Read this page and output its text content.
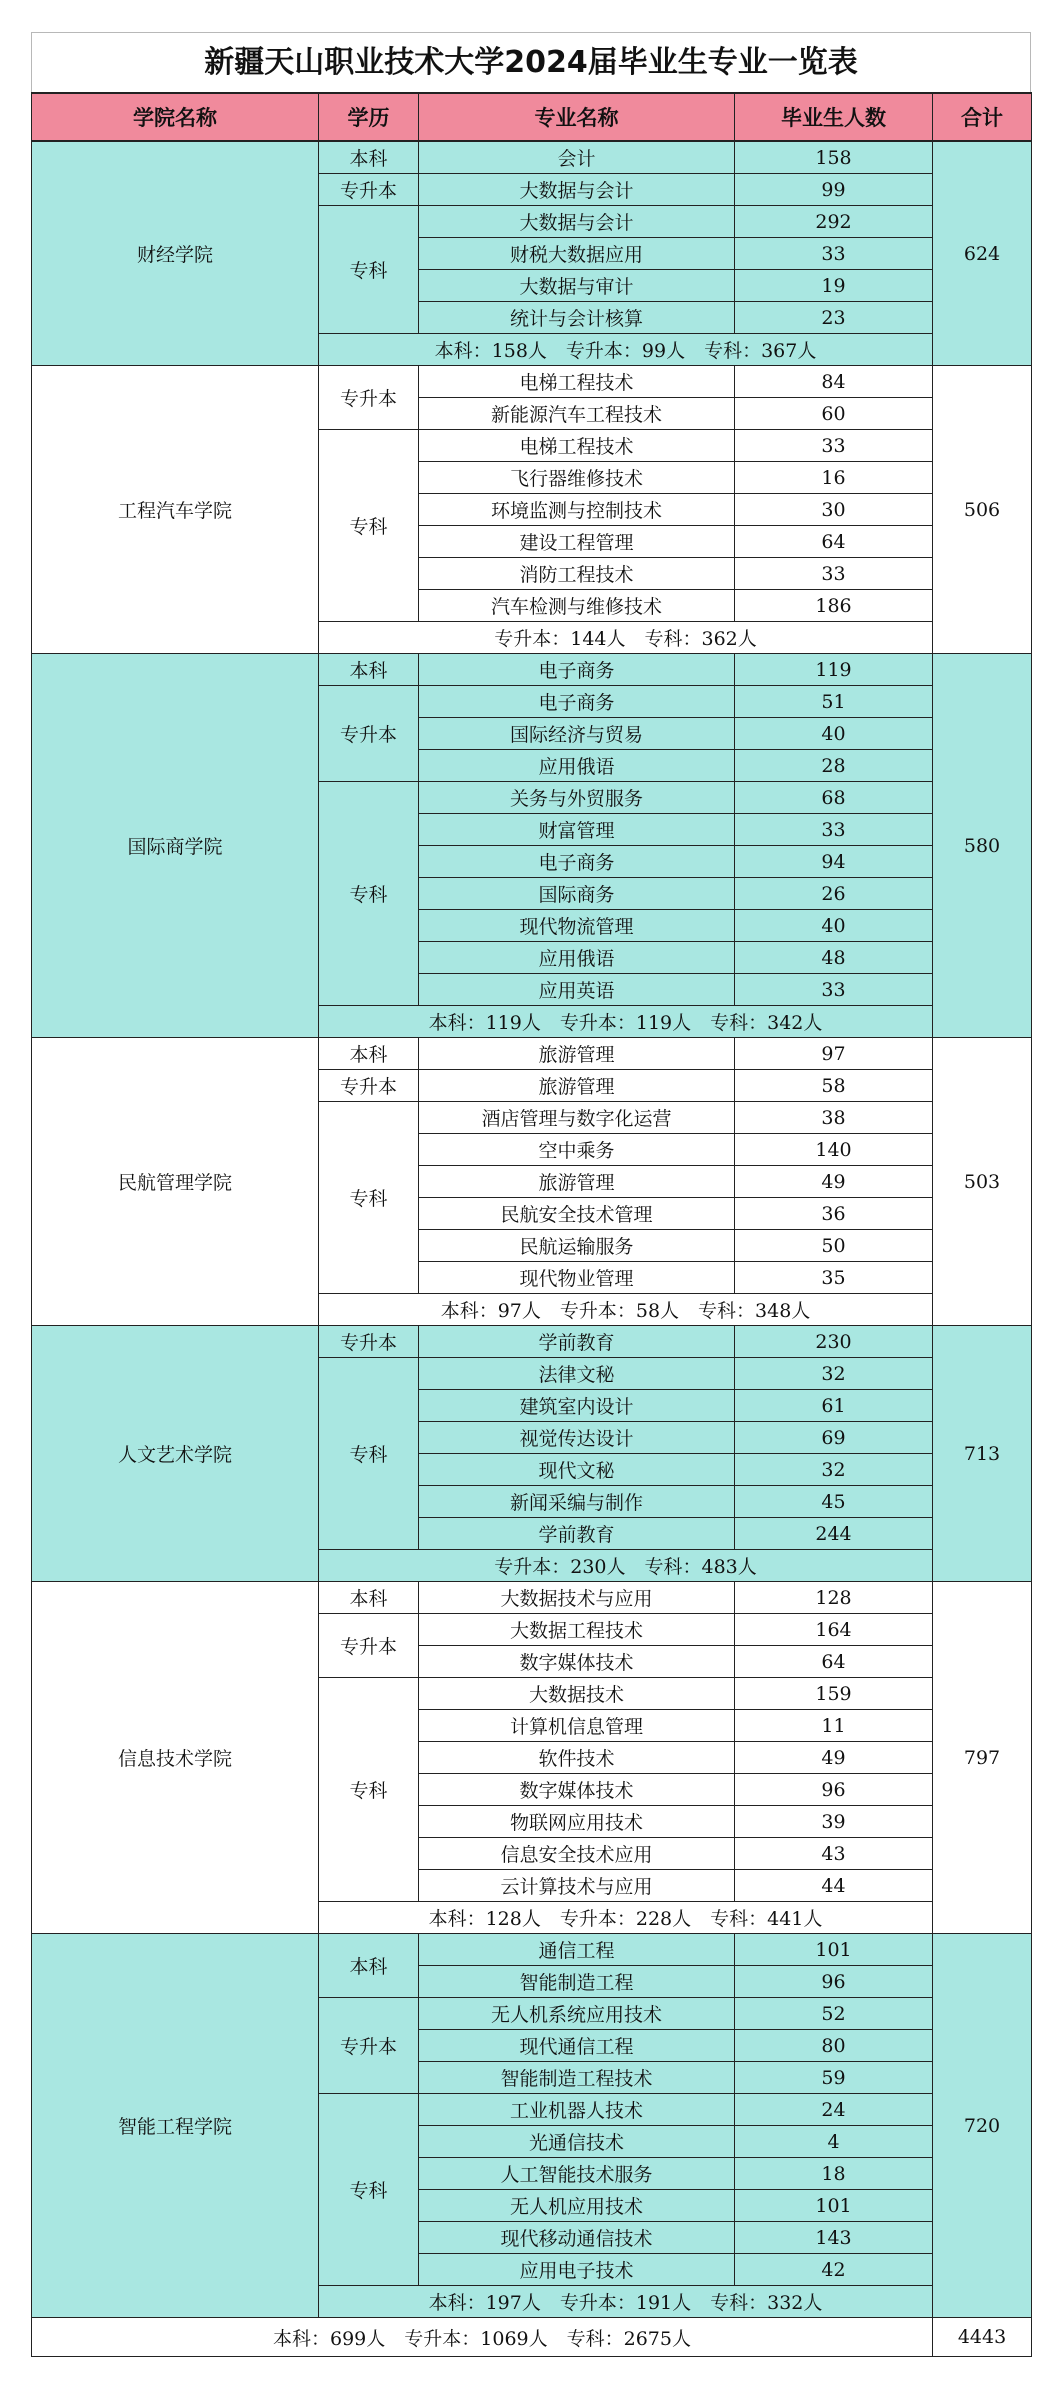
新疆天山职业技术大学2024届毕业生专业一览表
学院名称	学历	专业名称	毕业生人数	合计
财经学院	本科	会计	158	624
	专升本	大数据与会计	99	
	专科	大数据与会计	292	
		财税大数据应用	33	
		大数据与审计	19	
		统计与会计核算	23	
	本科：158人　专升本：99人　专科：367人			
工程汽车学院	专升本	电梯工程技术	84	506
		新能源汽车工程技术	60	
	专科	电梯工程技术	33	
		飞行器维修技术	16	
		环境监测与控制技术	30	
		建设工程管理	64	
		消防工程技术	33	
		汽车检测与维修技术	186	
	专升本：144人　专科：362人			
国际商学院	本科	电子商务	119	580
	专升本	电子商务	51	
		国际经济与贸易	40	
		应用俄语	28	
	专科	关务与外贸服务	68	
		财富管理	33	
		电子商务	94	
		国际商务	26	
		现代物流管理	40	
		应用俄语	48	
		应用英语	33	
	本科：119人　专升本：119人　专科：342人			
民航管理学院	本科	旅游管理	97	503
	专升本	旅游管理	58	
	专科	酒店管理与数字化运营	38	
		空中乘务	140	
		旅游管理	49	
		民航安全技术管理	36	
		民航运输服务	50	
		现代物业管理	35	
	本科：97人　专升本：58人　专科：348人			
人文艺术学院	专升本	学前教育	230	713
	专科	法律文秘	32	
		建筑室内设计	61	
		视觉传达设计	69	
		现代文秘	32	
		新闻采编与制作	45	
		学前教育	244	
	专升本：230人　专科：483人			
信息技术学院	本科	大数据技术与应用	128	797
	专升本	大数据工程技术	164	
		数字媒体技术	64	
	专科	大数据技术	159	
		计算机信息管理	11	
		软件技术	49	
		数字媒体技术	96	
		物联网应用技术	39	
		信息安全技术应用	43	
		云计算技术与应用	44	
	本科：128人　专升本：228人　专科：441人			
智能工程学院	本科	通信工程	101	720
		智能制造工程	96	
	专升本	无人机系统应用技术	52	
		现代通信工程	80	
		智能制造工程技术	59	
	专科	工业机器人技术	24	
		光通信技术	4	
		人工智能技术服务	18	
		无人机应用技术	101	
		现代移动通信技术	143	
		应用电子技术	42	
	本科：197人　专升本：191人　专科：332人			
本科：699人　专升本：1069人　专科：2675人				4443
